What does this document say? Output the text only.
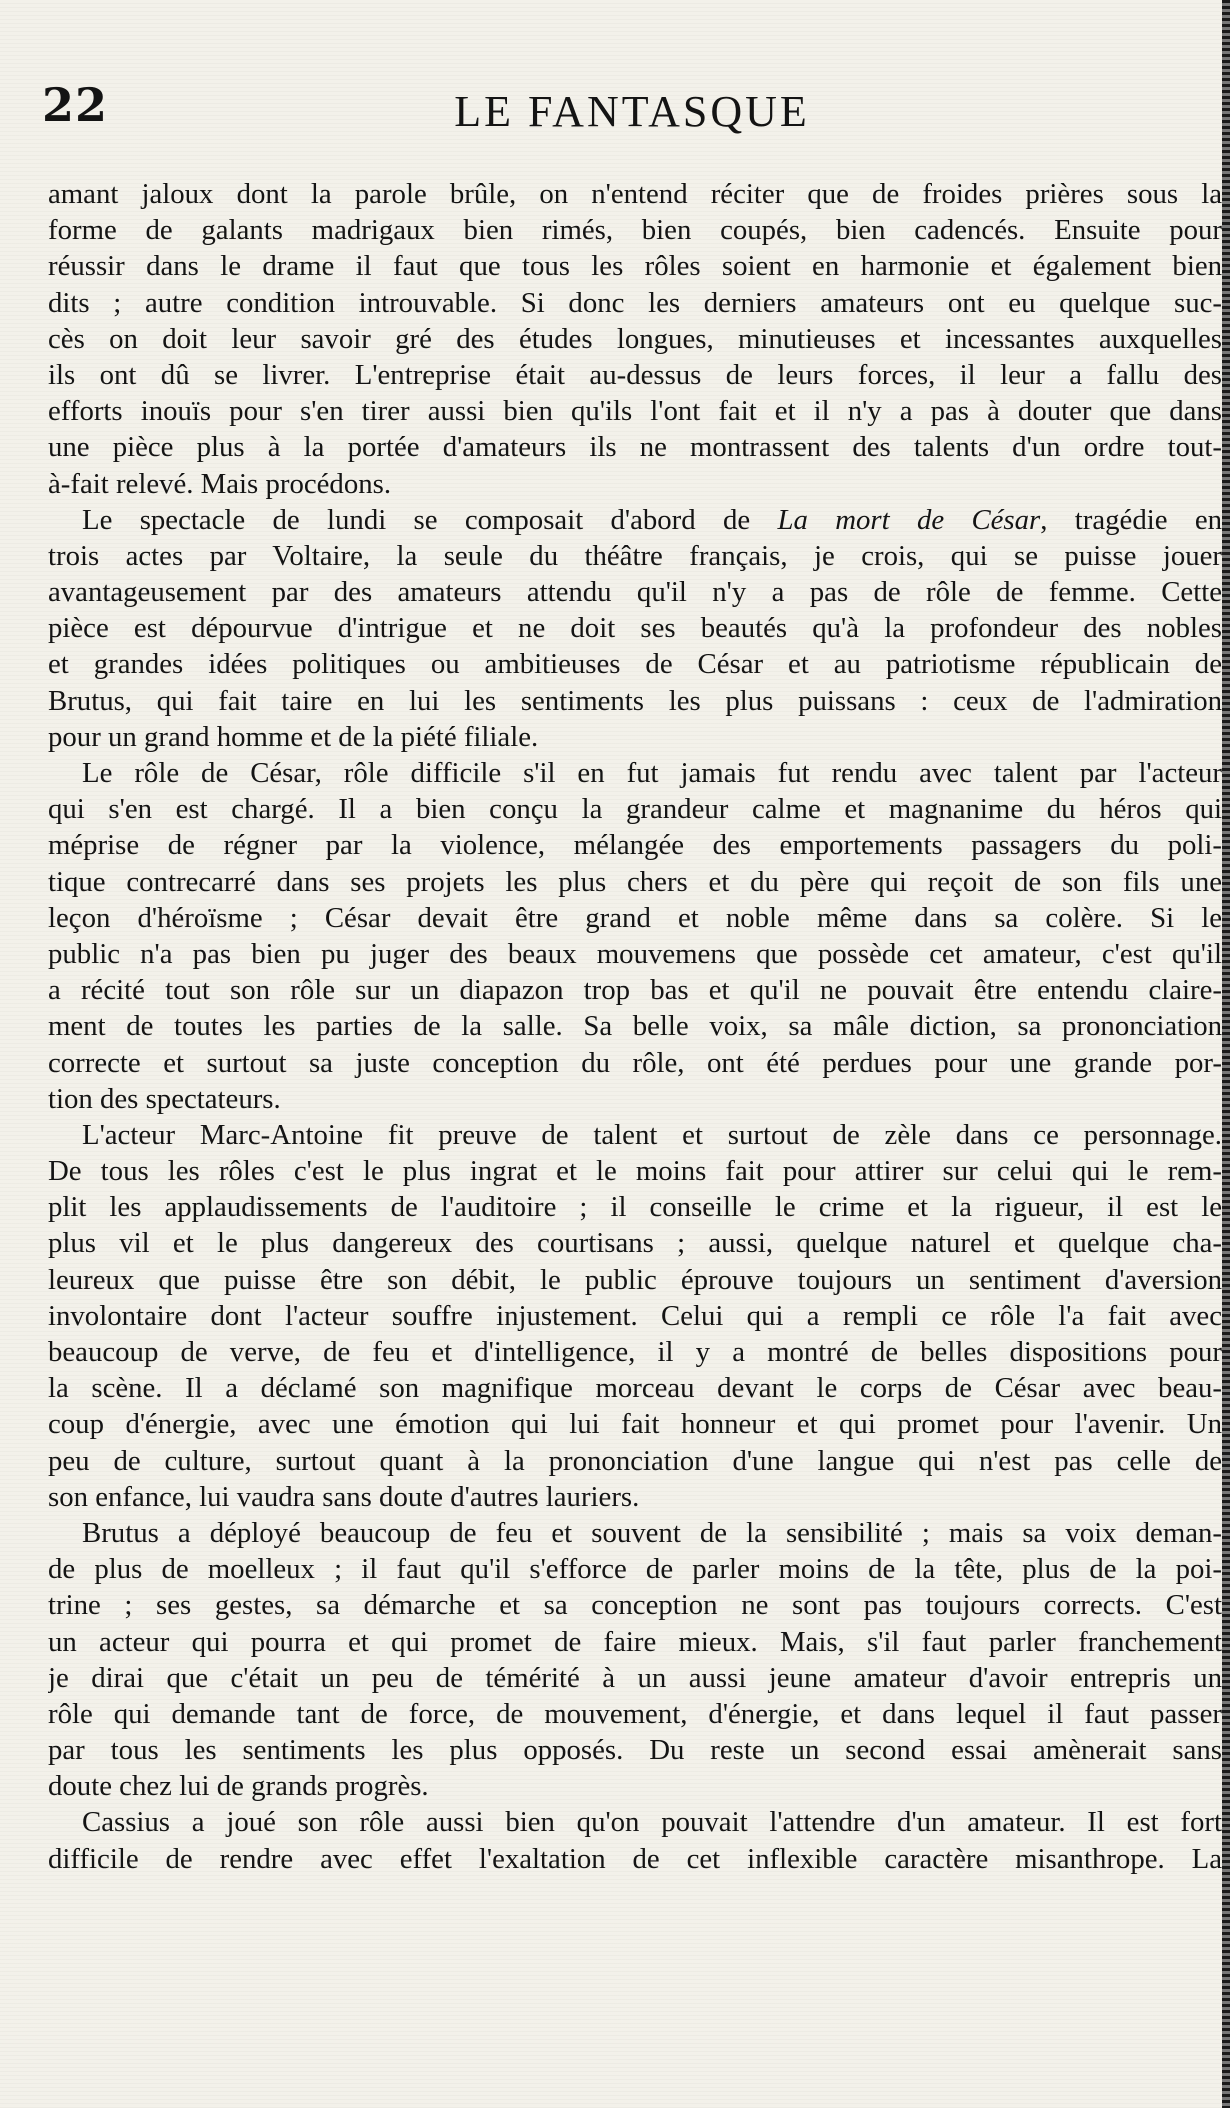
22	LE FANTASQUE
amant jaloux dont la parole brûle, on n'entend réciter que de froides prières sous la
forme de galants madrigaux bien rimés, bien coupés, bien cadencés. Ensuite pour
réussir dans le drame il faut que tous les rôles soient en harmonie et également bien
dits ; autre condition introuvable. Si donc les derniers amateurs ont eu quelque suc-
cès on doit leur savoir gré des études longues, minutieuses et incessantes auxquelles
ils ont dû se livrer. L'entreprise était au-dessus de leurs forces, il leur a fallu des
efforts inouïs pour s'en tirer aussi bien qu'ils l'ont fait et il n'y a pas à douter que dans
une pièce plus à la portée d'amateurs ils ne montrassent des talents d'un ordre tout-
à-fait relevé. Mais procédons.
Le spectacle de lundi se composait d'abord de La mort de César, tragédie en
trois actes par Voltaire, la seule du théâtre français, je crois, qui se puisse jouer
avantageusement par des amateurs attendu qu'il n'y a pas de rôle de femme. Cette
pièce est dépourvue d'intrigue et ne doit ses beautés qu'à la profondeur des nobles
et grandes idées politiques ou ambitieuses de César et au patriotisme républicain de
Brutus, qui fait taire en lui les sentiments les plus puissans : ceux de l'admiration
pour un grand homme et de la piété filiale.
Le rôle de César, rôle difficile s'il en fut jamais fut rendu avec talent par l'acteur
qui s'en est chargé. Il a bien conçu la grandeur calme et magnanime du héros qui
méprise de régner par la violence, mélangée des emportements passagers du poli-
tique contrecarré dans ses projets les plus chers et du père qui reçoit de son fils une
leçon d'héroïsme ; César devait être grand et noble même dans sa colère. Si le
public n'a pas bien pu juger des beaux mouvemens que possède cet amateur, c'est qu'il
a récité tout son rôle sur un diapazon trop bas et qu'il ne pouvait être entendu claire-
ment de toutes les parties de la salle. Sa belle voix, sa mâle diction, sa prononciation
correcte et surtout sa juste conception du rôle, ont été perdues pour une grande por-
tion des spectateurs.
L'acteur Marc-Antoine fit preuve de talent et surtout de zèle dans ce personnage.
De tous les rôles c'est le plus ingrat et le moins fait pour attirer sur celui qui le rem-
plit les applaudissements de l'auditoire ; il conseille le crime et la rigueur, il est le
plus vil et le plus dangereux des courtisans ; aussi, quelque naturel et quelque cha-
leureux que puisse être son débit, le public éprouve toujours un sentiment d'aversion
involontaire dont l'acteur souffre injustement. Celui qui a rempli ce rôle l'a fait avec
beaucoup de verve, de feu et d'intelligence, il y a montré de belles dispositions pour
la scène. Il a déclamé son magnifique morceau devant le corps de César avec beau-
coup d'énergie, avec une émotion qui lui fait honneur et qui promet pour l'avenir. Un
peu de culture, surtout quant à la prononciation d'une langue qui n'est pas celle de
son enfance, lui vaudra sans doute d'autres lauriers.
Brutus a déployé beaucoup de feu et souvent de la sensibilité ; mais sa voix deman-
de plus de moelleux ; il faut qu'il s'efforce de parler moins de la tête, plus de la poi-
trine ; ses gestes, sa démarche et sa conception ne sont pas toujours corrects. C'est
un acteur qui pourra et qui promet de faire mieux. Mais, s'il faut parler franchement
je dirai que c'était un peu de témérité à un aussi jeune amateur d'avoir entrepris un
rôle qui demande tant de force, de mouvement, d'énergie, et dans lequel il faut passer
par tous les sentiments les plus opposés. Du reste un second essai amènerait sans
doute chez lui de grands progrès.
Cassius a joué son rôle aussi bien qu'on pouvait l'attendre d'un amateur. Il est fort
difficile de rendre avec effet l'exaltation de cet inflexible caractère misanthrope. La
